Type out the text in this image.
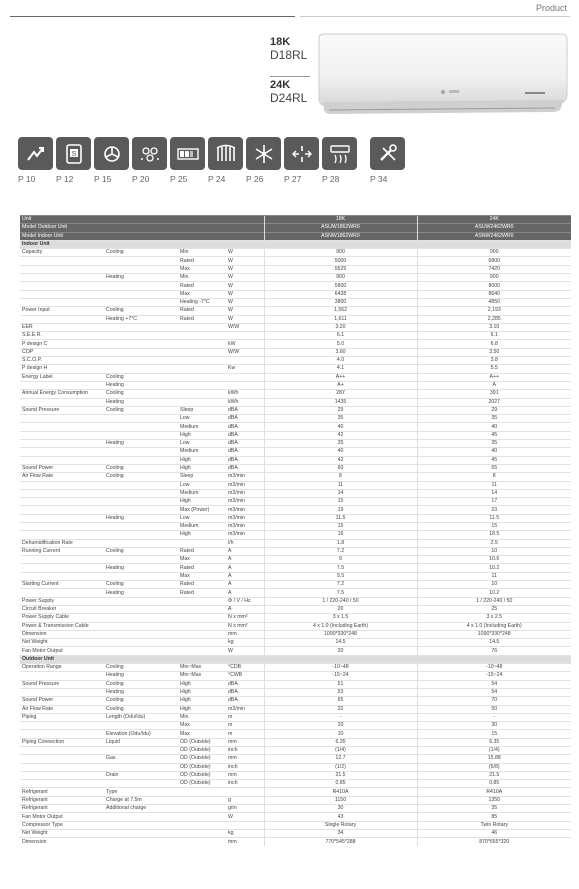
Product
18K
D18RL
24K
D24RL
P 10
S
P 12	P 15	P 20	P 25	P 24	P 26	P 27	P 28	P 34
Unit				18K	24K
Model Outdoor Unit				ASUW1862WR0	ASUW2462WR0
Model Indoor Unit				ASNW1862WR0	ASNW2462WR0
Indoor Unit					
Capacity	Cooling	Min	W	900	900
		Rated	W	5000	6800
		Max	W	5525	7420
	Heating	Min	W	900	900
		Rated	W	5800	8000
		Max	W	6438	8640
		Heating -7°C	W	3800	4850
Power Input	Cooling	Rated	W	1,562	2,193
	Heating +7°C	Rated	W	1,611	2,285
EER			W/W	3.20	3.10
S.E.E.R.				6.1	6.1
P design C			kW	5.0	6.8
COP			W/W	3.60	3.50
S.C.O.P.				4.0	3.8
P design H			Kw	4.1	5.5
Energy Label	Cooling			A++	A++
	Heating			A+	A
Annual Energy Consumption	Cooling		kWh	287	391
	Heating		kWh	1435	2027
Sound Pressure	Cooling	Sleep	dBA	29	29
		Low	dBA	35	35
		Medium	dBA	40	40
		High	dBA	42	45
	Heating	Low	dBA	35	35
		Medium	dBA	40	40
		High	dBA	42	45
Sound Power	Cooling	High	dBA	60	65
Air Flow Rate	Cooling	Sleep	m3/min	8	8
		Low	m3/min	11	11
		Medium	m3/min	14	14
		High	m3/min	15	17
		Max (Power)	m3/min	19	23
	Heating	Low	m3/min	11.5	11.5
		Medium	m3/min	15	15
		High	m3/min	16	18.5
Dehumidification Rate			l/h	1.8	2.5
Running Current	Cooling	Rated	A	7.2	10
		Max	A	9	10.6
	Heating	Rated	A	7.5	10.2
		Max	A	9.5	11
Starting Current	Cooling	Rated	A	7.2	10
	Heating	Rated	A	7.5	10.2
Power Supply			Φ / V / Hz	1 / 220-240 / 50	1 / 220-240 / 50
Circuit Breaker			A	20	25
Power Supply Cable			N x mm²	3 x 1.5	3 x 2.5
Power & Transmission Cable			N x mm²	4 x 1.0 (Including Earth)	4 x 1.0 (Including Earth)
Dimension			mm	1090*330*248	1090*330*248
Net Weight			kg	14.5	14.5
Fan Motor Output			W	20	76
Outdoor Unit					
Operation Range	Cooling	Min~Max	°CDB	-10~48	-10~48
	Heating	Min~Max	°CWB	-15~24	-15~24
Sound Pressure	Cooling	High	dBA	51	54
	Heating	High	dBA	53	54
Sound Power	Cooling	High	dBA	65	70
Air Flow Rate	Cooling	High	m3/min	32	50
Piping	Length (Odu/Idu)	Min	m	-	-
		Max	m	20	30
	Elevation (Odu/Idu)	Max	m	10	15
Piping Connection	Liquid	OD (Outside)	mm	6.35	6.35
		OD (Outside)	inch	(1/4)	(1/4)
	Gas	OD (Outside)	mm	12.7	15.88
		OD (Outside)	inch	(1/2)	(5/8)
	Drain	OD (Outside)	mm	21.5	21.5
		OD (Outside)	inch	0.85	0.85
Refrigerant	Type			R410A	R410A
Refrigerant	Charge at 7.5m		g	1150	1350
Refrigerant	Additional charge		g/m	30	35
Fan Motor Output			W	43	85
Compressor Type				Single Rotary	Twin Rotary
Net Weight			kg	34	46
Dimension			mm	770*545*288	870*655*320
